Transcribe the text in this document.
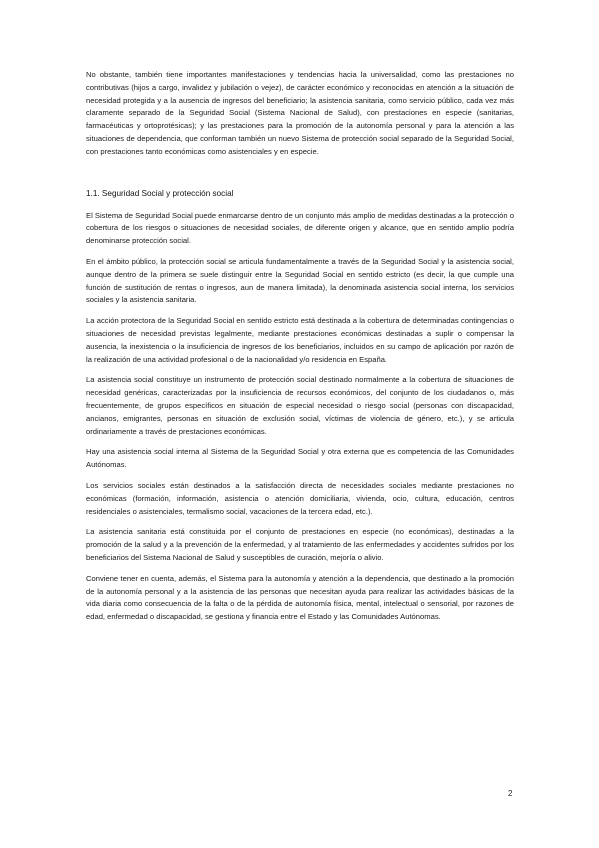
No obstante, también tiene importantes manifestaciones y tendencias hacia la universalidad, como las prestaciones no contributivas (hijos a cargo, invalidez y jubilación o vejez), de carácter económico y reconocidas en atención a la situación de necesidad protegida y a la ausencia de ingresos del beneficiario; la asistencia sanitaria, como servicio público, cada vez más claramente separado de la Seguridad Social (Sistema Nacional de Salud), con prestaciones en especie (sanitarias, farmacéuticas y ortoprotésicas); y las prestaciones para la promoción de la autonomía personal y para la atención a las situaciones de dependencia, que conforman también un nuevo Sistema de protección social separado de la Seguridad Social, con prestaciones tanto económicas como asistenciales y en especie.

1.1. Seguridad Social y protección social

El Sistema de Seguridad Social puede enmarcarse dentro de un conjunto más amplio de medidas destinadas a la protección o cobertura de los riesgos o situaciones de necesidad sociales, de diferente origen y alcance, que en sentido amplio podría denominarse protección social.

En el ámbito público, la protección social se articula fundamentalmente a través de la Seguridad Social y la asistencia social, aunque dentro de la primera se suele distinguir entre la Seguridad Social en sentido estricto (es decir, la que cumple una función de sustitución de rentas o ingresos, aun de manera limitada), la denominada asistencia social interna, los servicios sociales y la asistencia sanitaria.

La acción protectora de la Seguridad Social en sentido estricto está destinada a la cobertura de determinadas contingencias o situaciones de necesidad previstas legalmente, mediante prestaciones económicas destinadas a suplir o compensar la ausencia, la inexistencia o la insuficiencia de ingresos de los beneficiarios, incluidos en su campo de aplicación por razón de la realización de una actividad profesional o de la nacionalidad y/o residencia en España.

La asistencia social constituye un instrumento de protección social destinado normalmente a la cobertura de situaciones de necesidad genéricas, caracterizadas por la insuficiencia de recursos económicos, del conjunto de los ciudadanos o, más frecuentemente, de grupos específicos en situación de especial necesidad o riesgo social (personas con discapacidad, ancianos, emigrantes, personas en situación de exclusión social, víctimas de violencia de género, etc.), y se articula ordinariamente a través de prestaciones económicas.

Hay una asistencia social interna al Sistema de la Seguridad Social y otra externa que es competencia de las Comunidades Autónomas.

Los servicios sociales están destinados a la satisfacción directa de necesidades sociales mediante prestaciones no económicas (formación, información, asistencia o atención domiciliaria, vivienda, ocio, cultura, educación, centros residenciales o asistenciales, termalismo social, vacaciones de la tercera edad, etc.).

La asistencia sanitaria está constituida por el conjunto de prestaciones en especie (no económicas), destinadas a la promoción de la salud y a la prevención de la enfermedad, y al tratamiento de las enfermedades y accidentes sufridos por los beneficiarios del Sistema Nacional de Salud y susceptibles de curación, mejoría o alivio.

Conviene tener en cuenta, además, el Sistema para la autonomía y atención a la dependencia, que destinado a la promoción de la autonomía personal y a la asistencia de las personas que necesitan ayuda para realizar las actividades básicas de la vida diaria como consecuencia de la falta o de la pérdida de autonomía física, mental, intelectual o sensorial, por razones de edad, enfermedad o discapacidad, se gestiona y financia entre el Estado y las Comunidades Autónomas.

2
